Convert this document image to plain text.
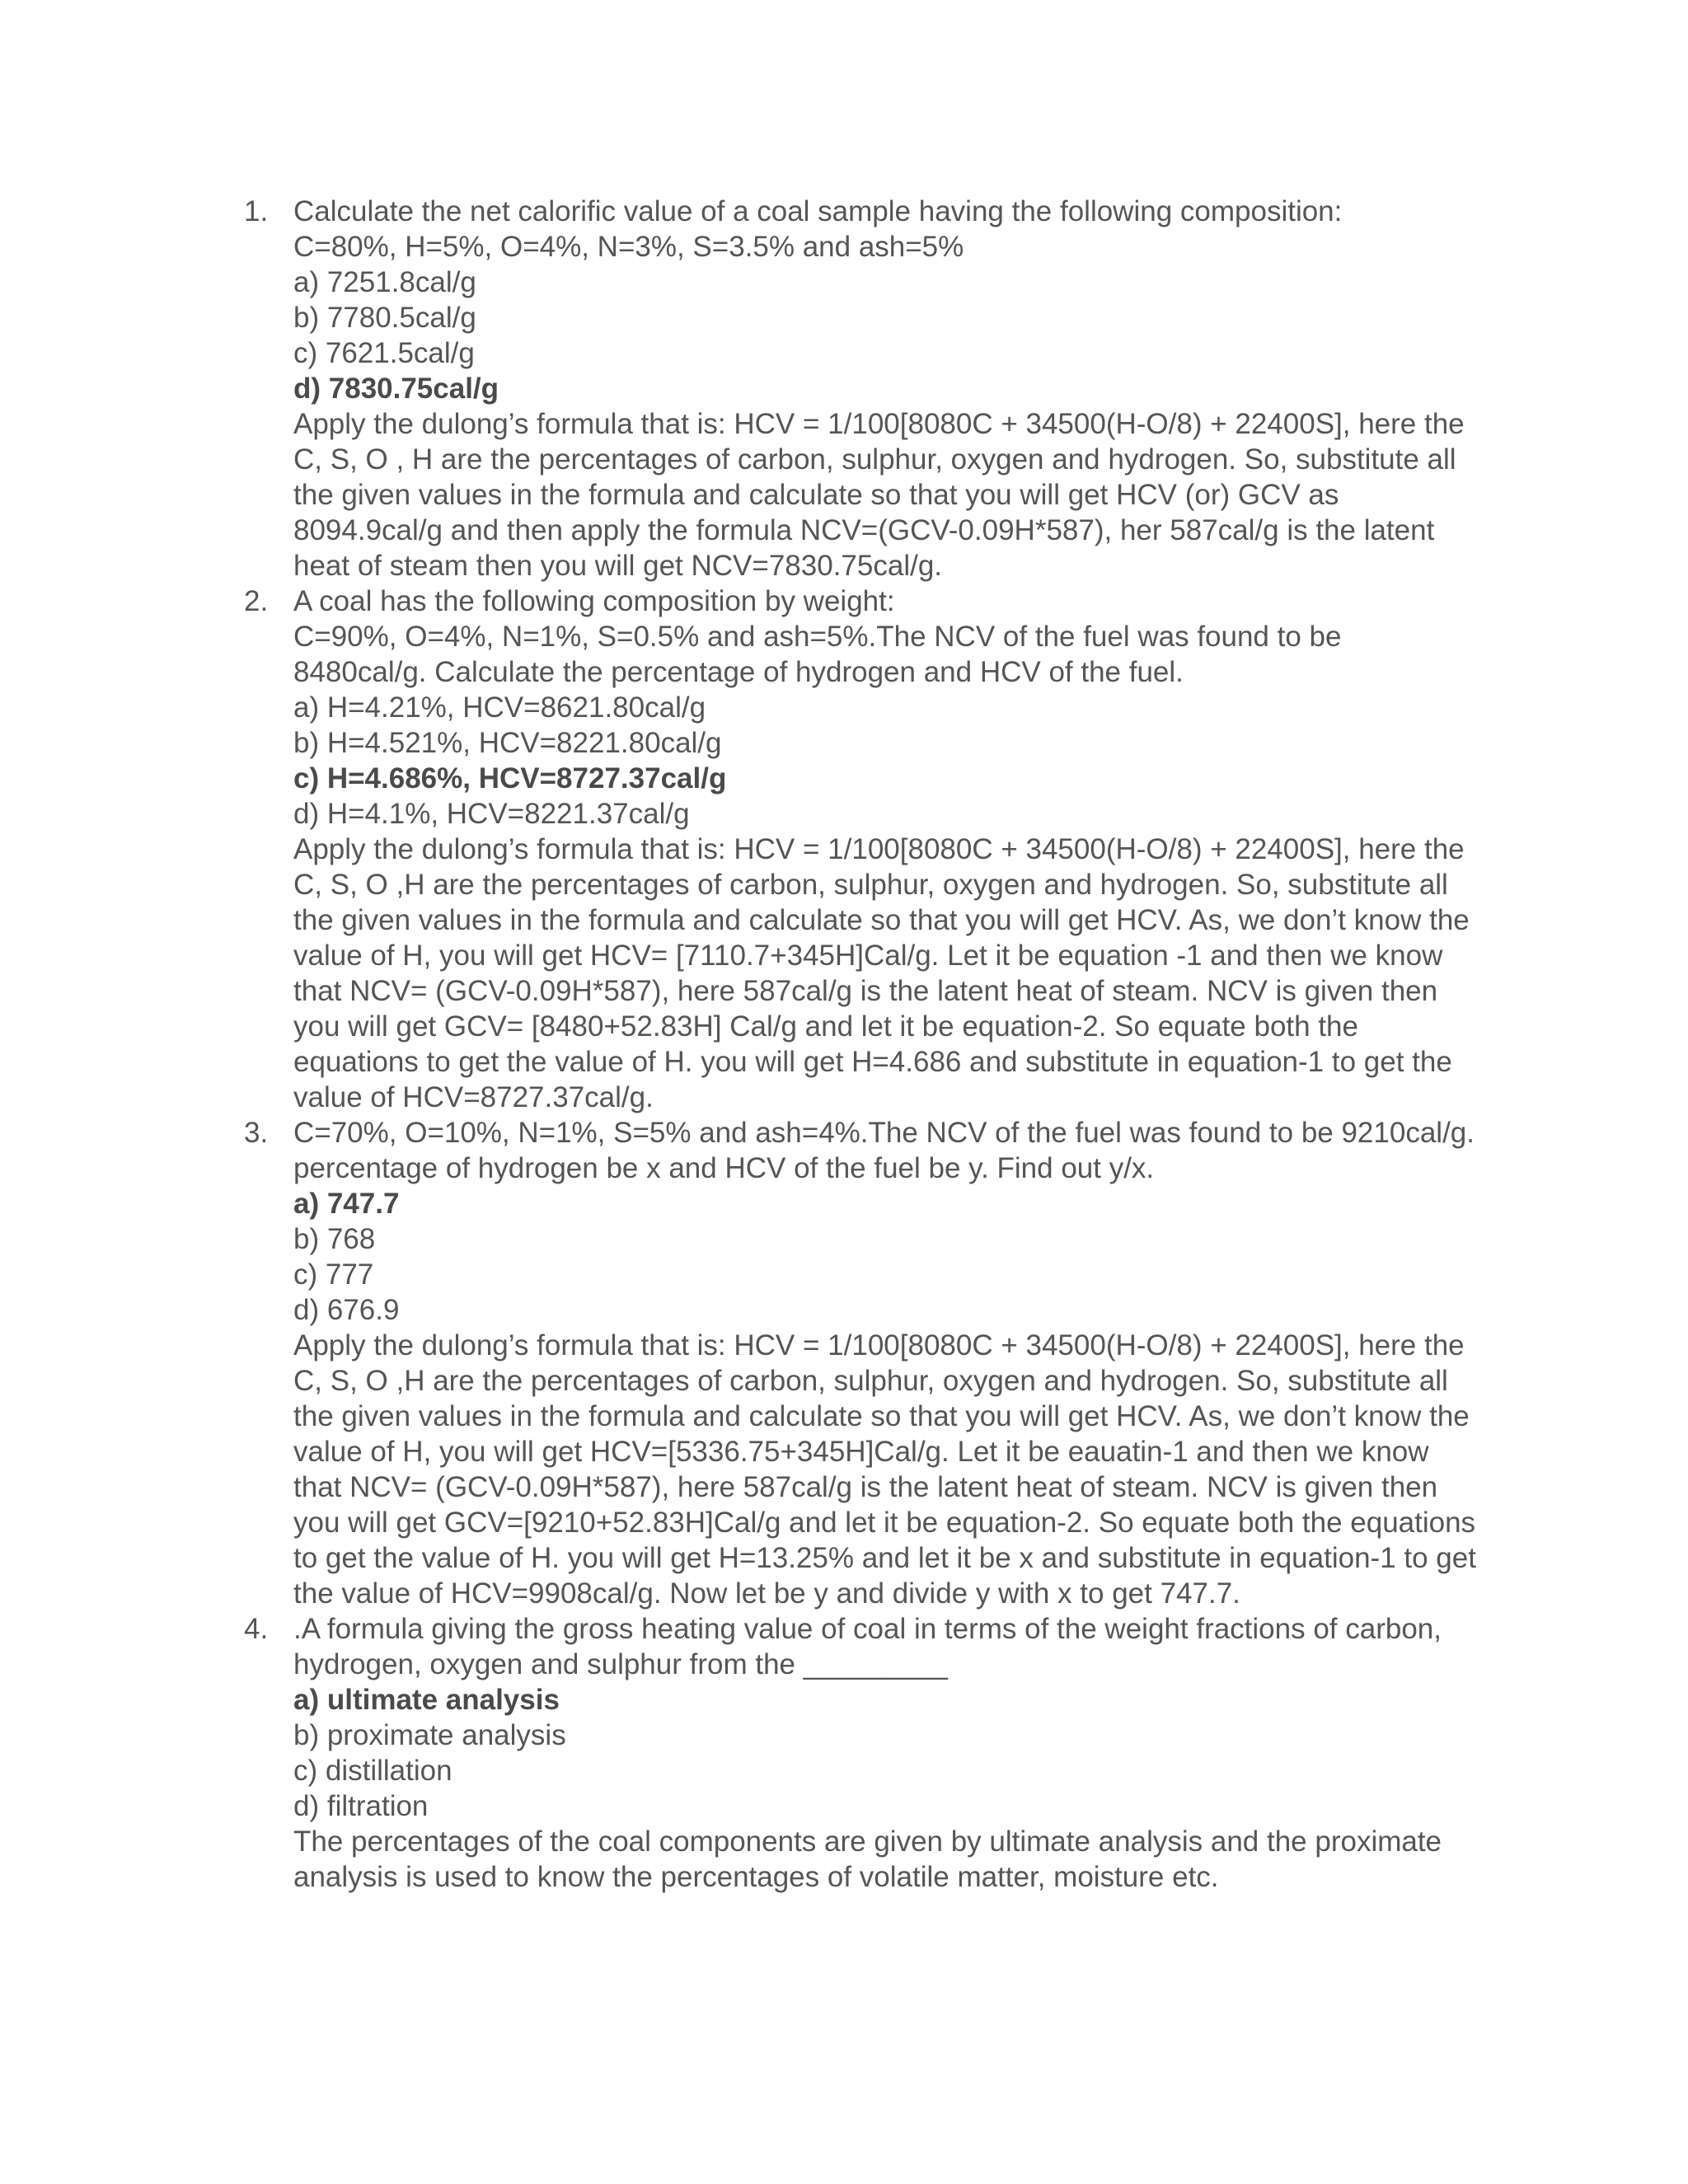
1. Calculate the net calorific value of a coal sample having the following composition:
C=80%, H=5%, O=4%, N=3%, S=3.5% and ash=5%
a) 7251.8cal/g
b) 7780.5cal/g
c) 7621.5cal/g
d) 7830.75cal/g
Apply the dulong’s formula that is: HCV = 1/100[8080C + 34500(H-O/8) + 22400S], here the
C, S, O , H are the percentages of carbon, sulphur, oxygen and hydrogen. So, substitute all
the given values in the formula and calculate so that you will get HCV (or) GCV as
8094.9cal/g and then apply the formula NCV=(GCV-0.09H*587), her 587cal/g is the latent
heat of steam then you will get NCV=7830.75cal/g.
2. A coal has the following composition by weight:
C=90%, O=4%, N=1%, S=0.5% and ash=5%.The NCV of the fuel was found to be
8480cal/g. Calculate the percentage of hydrogen and HCV of the fuel.
a) H=4.21%, HCV=8621.80cal/g
b) H=4.521%, HCV=8221.80cal/g
c) H=4.686%, HCV=8727.37cal/g
d) H=4.1%, HCV=8221.37cal/g
Apply the dulong’s formula that is: HCV = 1/100[8080C + 34500(H-O/8) + 22400S], here the
C, S, O ,H are the percentages of carbon, sulphur, oxygen and hydrogen. So, substitute all
the given values in the formula and calculate so that you will get HCV. As, we don’t know the
value of H, you will get HCV= [7110.7+345H]Cal/g. Let it be equation -1 and then we know
that NCV= (GCV-0.09H*587), here 587cal/g is the latent heat of steam. NCV is given then
you will get GCV= [8480+52.83H] Cal/g and let it be equation-2. So equate both the
equations to get the value of H. you will get H=4.686 and substitute in equation-1 to get the
value of HCV=8727.37cal/g.
3. C=70%, O=10%, N=1%, S=5% and ash=4%.The NCV of the fuel was found to be 9210cal/g.
percentage of hydrogen be x and HCV of the fuel be y. Find out y/x.
a) 747.7
b) 768
c) 777
d) 676.9
Apply the dulong’s formula that is: HCV = 1/100[8080C + 34500(H-O/8) + 22400S], here the
C, S, O ,H are the percentages of carbon, sulphur, oxygen and hydrogen. So, substitute all
the given values in the formula and calculate so that you will get HCV. As, we don’t know the
value of H, you will get HCV=[5336.75+345H]Cal/g. Let it be eauatin-1 and then we know
that NCV= (GCV-0.09H*587), here 587cal/g is the latent heat of steam. NCV is given then
you will get GCV=[9210+52.83H]Cal/g and let it be equation-2. So equate both the equations
to get the value of H. you will get H=13.25% and let it be x and substitute in equation-1 to get
the value of HCV=9908cal/g. Now let be y and divide y with x to get 747.7.
4. .A formula giving the gross heating value of coal in terms of the weight fractions of carbon,
hydrogen, oxygen and sulphur from the _________
a) ultimate analysis
b) proximate analysis
c) distillation
d) filtration
The percentages of the coal components are given by ultimate analysis and the proximate
analysis is used to know the percentages of volatile matter, moisture etc.
